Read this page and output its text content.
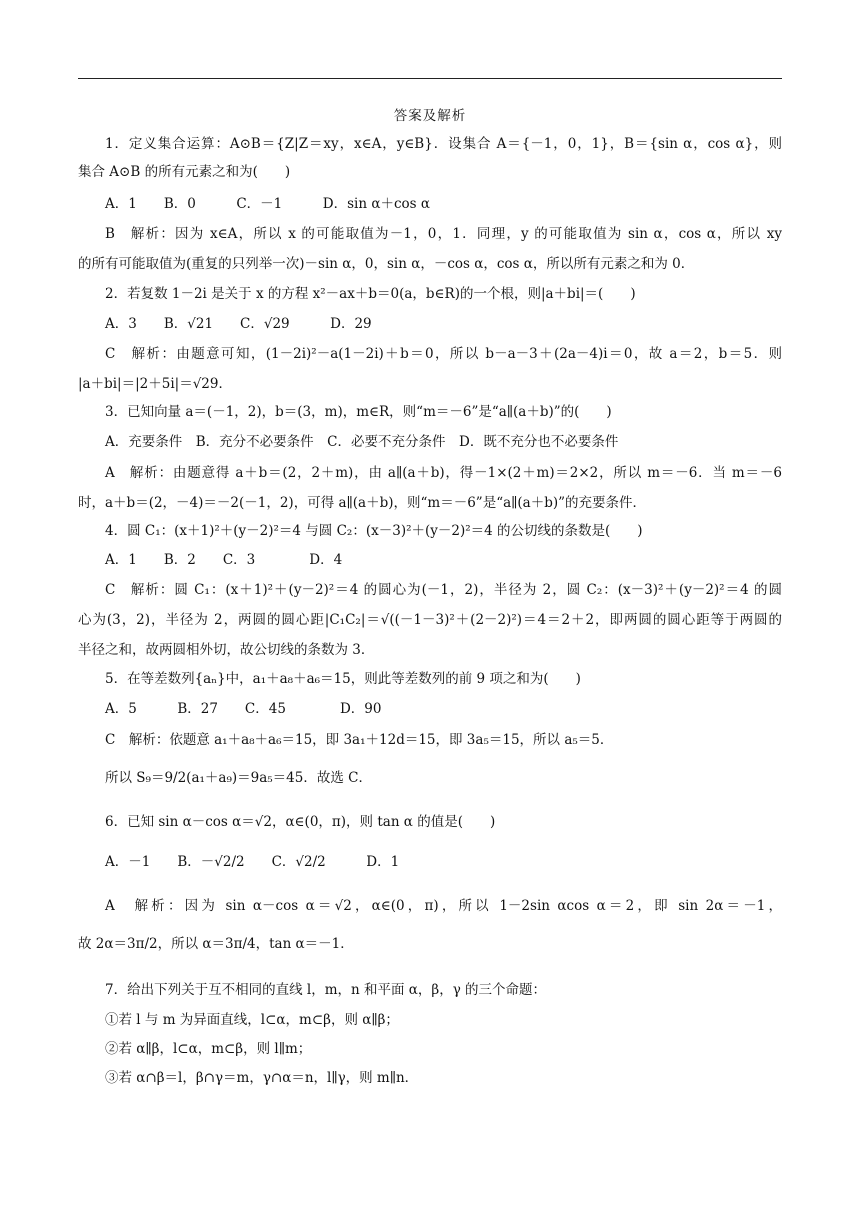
答案及解析
1．定义集合运算：A⊙B＝{Z|Z＝xy，x∈A，y∈B}．设集合 A＝{－1，0，1}，B＝{sin α，cos α}，则
集合 A⊙B 的所有元素之和为(　　)
A．1　　B．0　　　C．－1　　　D．sin α＋cos α
B　解析：因为 x∈A，所以 x 的可能取值为－1，0，1．同理，y 的可能取值为 sin α，cos α，所以 xy
的所有可能取值为(重复的只列举一次)－sin α，0，sin α，－cos α，cos α，所以所有元素之和为 0．
2．若复数 1－2i 是关于 x 的方程 x²－ax＋b＝0(a，b∈R)的一个根，则|a＋bi|＝(　　)
A．3　　B．√21　　C．√29　　　D．29
C　解析：由题意可知，(1－2i)²－a(1－2i)＋b＝0，所以 b－a－3＋(2a－4)i＝0，故 a＝2，b＝5．则
|a＋bi|＝|2＋5i|＝√29．
3．已知向量 a＝(－1，2)，b＝(3，m)，m∈R，则“m＝－6”是“a∥(a＋b)”的(　　)
A．充要条件　B．充分不必要条件　C．必要不充分条件　D．既不充分也不必要条件
A　解析：由题意得 a＋b＝(2，2＋m)，由 a∥(a＋b)，得－1×(2＋m)＝2×2，所以 m＝－6．当 m＝－6
时，a＋b＝(2，－4)＝－2(－1，2)，可得 a∥(a＋b)，则“m＝－6”是“a∥(a＋b)”的充要条件．
4．圆 C₁：(x＋1)²＋(y－2)²＝4 与圆 C₂：(x－3)²＋(y－2)²＝4 的公切线的条数是(　　)
A．1　　B．2　　C．3　　　　D．4
C　解析：圆 C₁：(x＋1)²＋(y－2)²＝4 的圆心为(－1，2)，半径为 2，圆 C₂：(x－3)²＋(y－2)²＝4 的圆
心为(3，2)，半径为 2，两圆的圆心距|C₁C₂|＝√((－1－3)²＋(2－2)²)＝4＝2＋2，即两圆的圆心距等于两圆的
半径之和，故两圆相外切，故公切线的条数为 3．
5．在等差数列{aₙ}中，a₁＋a₈＋a₆＝15，则此等差数列的前 9 项之和为(　　)
A．5　　　B．27　　C．45　　　　D．90
C　解析：依题意 a₁＋a₈＋a₆＝15，即 3a₁＋12d＝15，即 3a₅＝15，所以 a₅＝5．
所以 S₉＝9/2(a₁＋a₉)＝9a₅＝45．故选 C．
6．已知 sin α－cos α＝√2，α∈(0，π)，则 tan α 的值是(　　)
A．－1　　B．－√2/2　　C．√2/2　　　D．1
A　解析：因为 sin α－cos α＝√2，α∈(0，π)，所以 1－2sin αcos α＝2，即 sin 2α＝－1，
故 2α＝3π/2，所以 α＝3π/4，tan α＝－1．
7．给出下列关于互不相同的直线 l，m，n 和平面 α，β，γ 的三个命题：
①若 l 与 m 为异面直线，l⊂α，m⊂β，则 α∥β；
②若 α∥β，l⊂α，m⊂β，则 l∥m；
③若 α∩β＝l，β∩γ＝m，γ∩α＝n，l∥γ，则 m∥n．
